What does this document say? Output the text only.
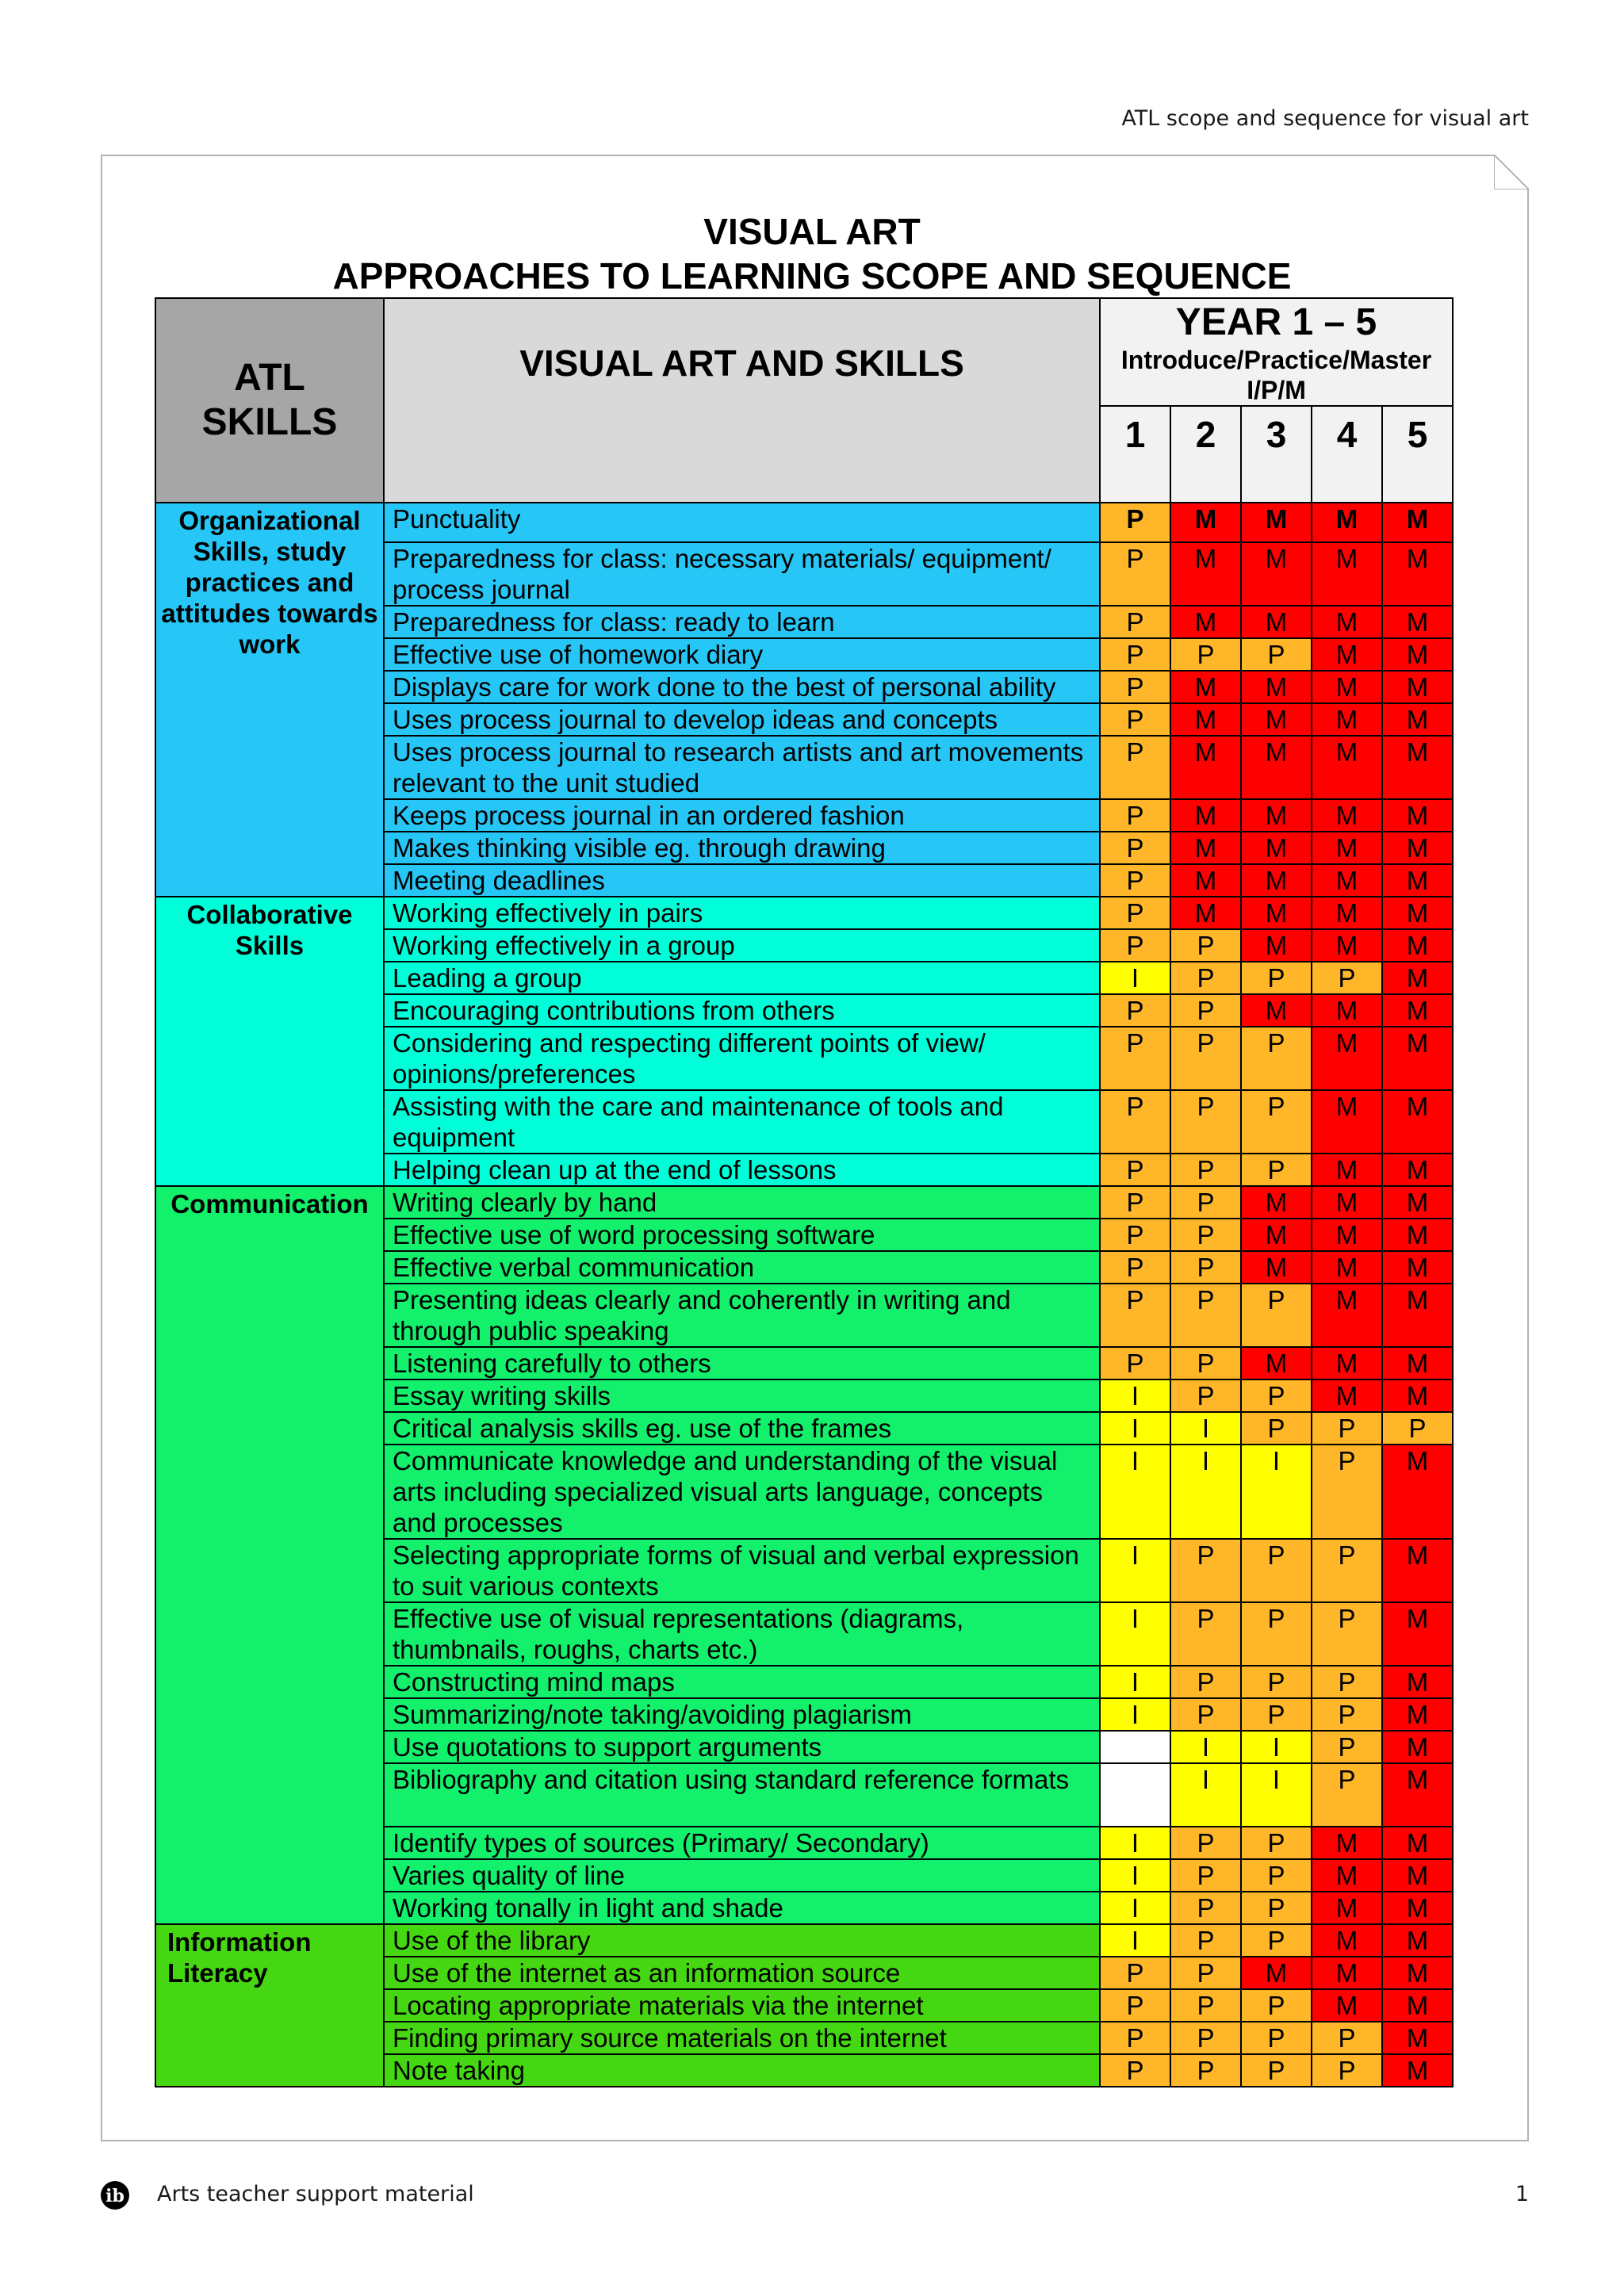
ATL scope and sequence for visual art
VISUAL ART
APPROACHES TO LEARNING SCOPE AND SEQUENCE
ATL SKILLS	VISUAL ART AND SKILLS	YEAR 1 – 5
Introduce/Practice/Master
I/P/M				

		1	2	3	4	5
Organizational Skills, study practices and attitudes towards work	Punctuality	P	M	M	M	M
	Preparedness for class: necessary materials/ equipment/ process journal	P	M	M	M	M
	Preparedness for class: ready to learn	P	M	M	M	M
	Effective use of homework diary	P	P	P	M	M
	Displays care for work done to the best of personal ability	P	M	M	M	M
	Uses process journal to develop ideas and concepts	P	M	M	M	M
	Uses process journal to research artists and art movements relevant to the unit studied	P	M	M	M	M
	Keeps process journal in an ordered fashion	P	M	M	M	M
	Makes thinking visible eg. through drawing	P	M	M	M	M
	Meeting deadlines	P	M	M	M	M
Collaborative Skills	Working effectively in pairs	P	M	M	M	M
	Working effectively in a group	P	P	M	M	M
	Leading a group	I	P	P	P	M
	Encouraging contributions from others	P	P	M	M	M
	Considering and respecting different points of view/ opinions/preferences	P	P	P	M	M
	Assisting with the care and maintenance of tools and equipment	P	P	P	M	M
	Helping clean up at the end of lessons	P	P	P	M	M
Communication	Writing clearly by hand	P	P	M	M	M
	Effective use of word processing software	P	P	M	M	M
	Effective verbal communication	P	P	M	M	M
	Presenting ideas clearly and coherently in writing and through public speaking	P	P	P	M	M
	Listening carefully to others	P	P	M	M	M
	Essay writing skills	I	P	P	M	M
	Critical analysis skills eg. use of the frames	I	I	P	P	P
	Communicate knowledge and understanding of the visual arts including specialized visual arts language, concepts and processes	I	I	I	P	M
	Selecting appropriate forms of visual and verbal expression to suit various contexts	I	P	P	P	M
	Effective use of visual representations (diagrams, thumbnails, roughs, charts etc.)	I	P	P	P	M
	Constructing mind maps	I	P	P	P	M
	Summarizing/note taking/avoiding plagiarism	I	P	P	P	M
	Use quotations to support arguments		I	I	P	M
	Bibliography and citation using standard reference formats		I	I	P	M
	Identify types of sources (Primary/ Secondary)	I	P	P	M	M
	Varies quality of line	I	P	P	M	M
	Working tonally in light and shade	I	P	P	M	M
Information Literacy	Use of the library	I	P	P	M	M
	Use of the internet as an information source	P	P	M	M	M
	Locating appropriate materials via the internet	P	P	P	M	M
	Finding primary source materials on the internet	P	P	P	P	M
	Note taking	P	P	P	P	M
ib Arts teacher support material	1
